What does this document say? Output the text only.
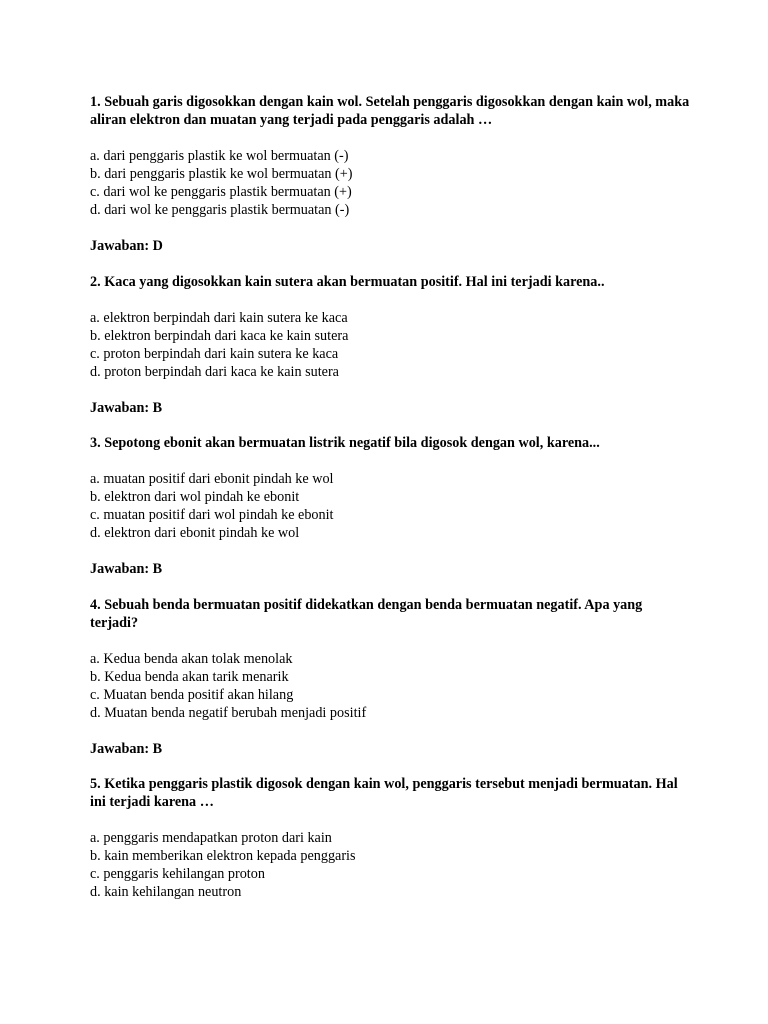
1. Sebuah garis digosokkan dengan kain wol. Setelah penggaris digosokkan dengan kain wol, maka aliran elektron dan muatan yang terjadi pada penggaris adalah …

a. dari penggaris plastik ke wol bermuatan (-)
b. dari penggaris plastik ke wol bermuatan (+)
c. dari wol ke penggaris plastik bermuatan (+)
d. dari wol ke penggaris plastik bermuatan (-)

Jawaban: D

2. Kaca yang digosokkan kain sutera akan bermuatan positif. Hal ini terjadi karena..

a. elektron berpindah dari kain sutera ke kaca
b. elektron berpindah dari kaca ke kain sutera
c. proton berpindah dari kain sutera ke kaca
d. proton berpindah dari kaca ke kain sutera

Jawaban: B

3. Sepotong ebonit akan bermuatan listrik negatif bila digosok dengan wol, karena...

a. muatan positif dari ebonit pindah ke wol
b. elektron dari wol pindah ke ebonit
c. muatan positif dari wol pindah ke ebonit
d. elektron dari ebonit pindah ke wol

Jawaban: B

4. Sebuah benda bermuatan positif didekatkan dengan benda bermuatan negatif. Apa yang terjadi?

a. Kedua benda akan tolak menolak
b. Kedua benda akan tarik menarik
c. Muatan benda positif akan hilang
d. Muatan benda negatif berubah menjadi positif

Jawaban: B

5. Ketika penggaris plastik digosok dengan kain wol, penggaris tersebut menjadi bermuatan. Hal ini terjadi karena …

a. penggaris mendapatkan proton dari kain
b. kain memberikan elektron kepada penggaris
c. penggaris kehilangan proton
d. kain kehilangan neutron
